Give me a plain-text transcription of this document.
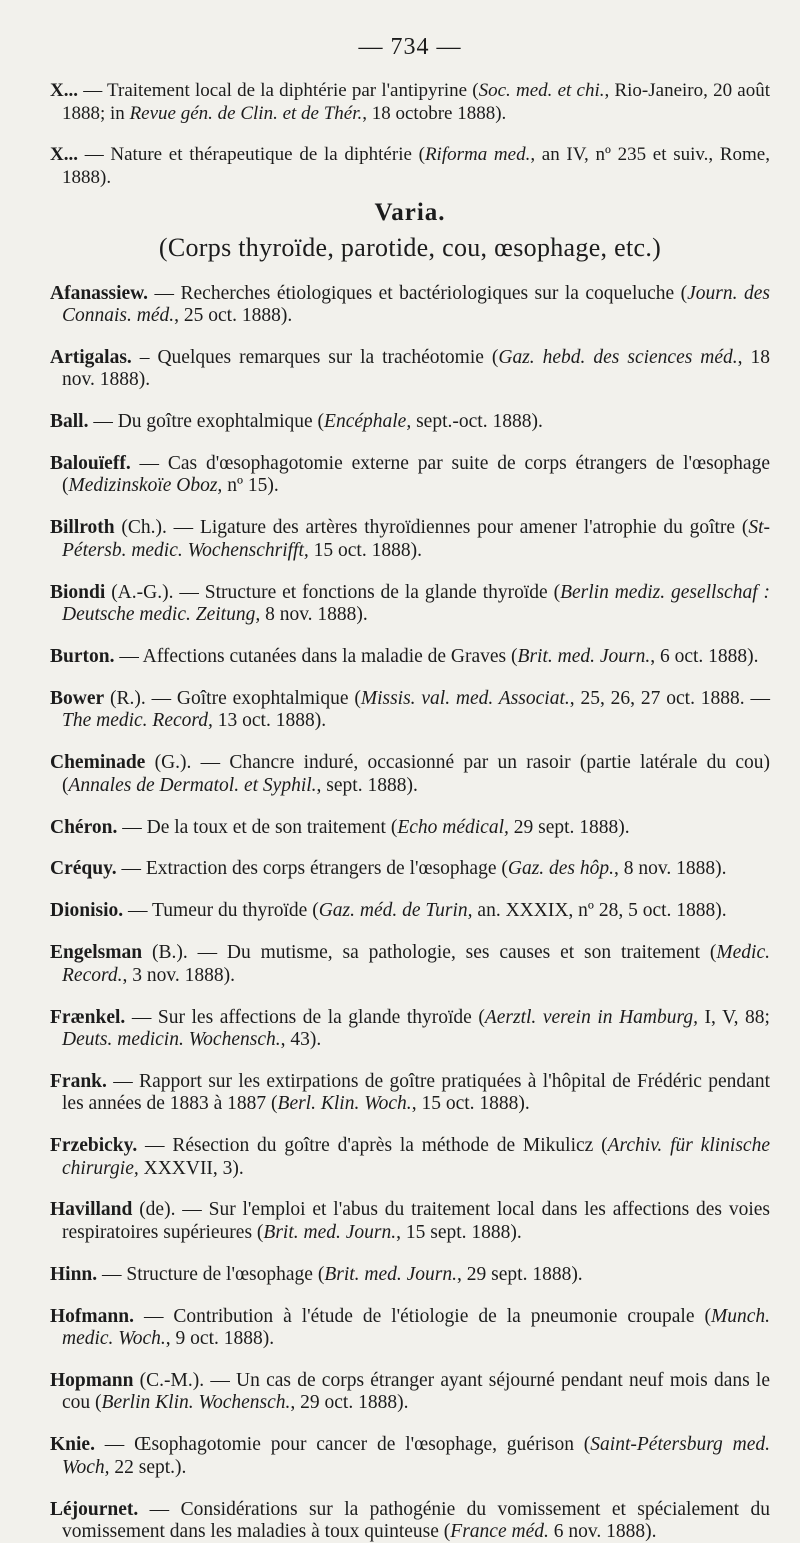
— 734 —

X... — Traitement local de la diphtérie par l'antipyrine (Soc. med. et chi., Rio-Janeiro, 20 août 1888; in Revue gén. de Clin. et de Thér., 18 octobre 1888).

X... — Nature et thérapeutique de la diphtérie (Riforma med., an IV, nº 235 et suiv., Rome, 1888).

Varia.
(Corps thyroïde, parotide, cou, œsophage, etc.)

Afanassiew. — Recherches étiologiques et bactériologiques sur la coqueluche (Journ. des Connais. méd., 25 oct. 1888).

Artigalas. – Quelques remarques sur la trachéotomie (Gaz. hebd. des sciences méd., 18 nov. 1888).

Ball. — Du goître exophtalmique (Encéphale, sept.-oct. 1888).

Balouïeff. — Cas d'œsophagotomie externe par suite de corps étrangers de l'œsophage (Medizinskoïe Oboz, nº 15).

Billroth (Ch.). — Ligature des artères thyroïdiennes pour amener l'atrophie du goître (St-Pétersb. medic. Wochenschrifft, 15 oct. 1888).

Biondi (A.-G.). — Structure et fonctions de la glande thyroïde (Berlin mediz. gesellschaf : Deutsche medic. Zeitung, 8 nov. 1888).

Burton. — Affections cutanées dans la maladie de Graves (Brit. med. Journ., 6 oct. 1888).

Bower (R.). — Goître exophtalmique (Missis. val. med. Associat., 25, 26, 27 oct. 1888. — The medic. Record, 13 oct. 1888).

Cheminade (G.). — Chancre induré, occasionné par un rasoir (partie latérale du cou) (Annales de Dermatol. et Syphil., sept. 1888).

Chéron. — De la toux et de son traitement (Echo médical, 29 sept. 1888).

Créquy. — Extraction des corps étrangers de l'œsophage (Gaz. des hôp., 8 nov. 1888).

Dionisio. — Tumeur du thyroïde (Gaz. méd. de Turin, an. XXXIX, nº 28, 5 oct. 1888).

Engelsman (B.). — Du mutisme, sa pathologie, ses causes et son traitement (Medic. Record., 3 nov. 1888).

Frænkel. — Sur les affections de la glande thyroïde (Aerztl. verein in Hamburg, I, V, 88; Deuts. medicin. Wochensch., 43).

Frank. — Rapport sur les extirpations de goître pratiquées à l'hôpital de Frédéric pendant les années de 1883 à 1887 (Berl. Klin. Woch., 15 oct. 1888).

Frzebicky. — Résection du goître d'après la méthode de Mikulicz (Archiv. für klinische chirurgie, XXXVII, 3).

Havilland (de). — Sur l'emploi et l'abus du traitement local dans les affections des voies respiratoires supérieures (Brit. med. Journ., 15 sept. 1888).

Hinn. — Structure de l'œsophage (Brit. med. Journ., 29 sept. 1888).

Hofmann. — Contribution à l'étude de l'étiologie de la pneumonie croupale (Munch. medic. Woch., 9 oct. 1888).

Hopmann (C.-M.). — Un cas de corps étranger ayant séjourné pendant neuf mois dans le cou (Berlin Klin. Wochensch., 29 oct. 1888).

Knie. — Œsophagotomie pour cancer de l'œsophage, guérison (Saint-Pétersburg med. Woch, 22 sept.).

Léjournet. — Considérations sur la pathogénie du vomissement et spécialement du vomissement dans les maladies à toux quinteuse (France méd. 6 nov. 1888).
